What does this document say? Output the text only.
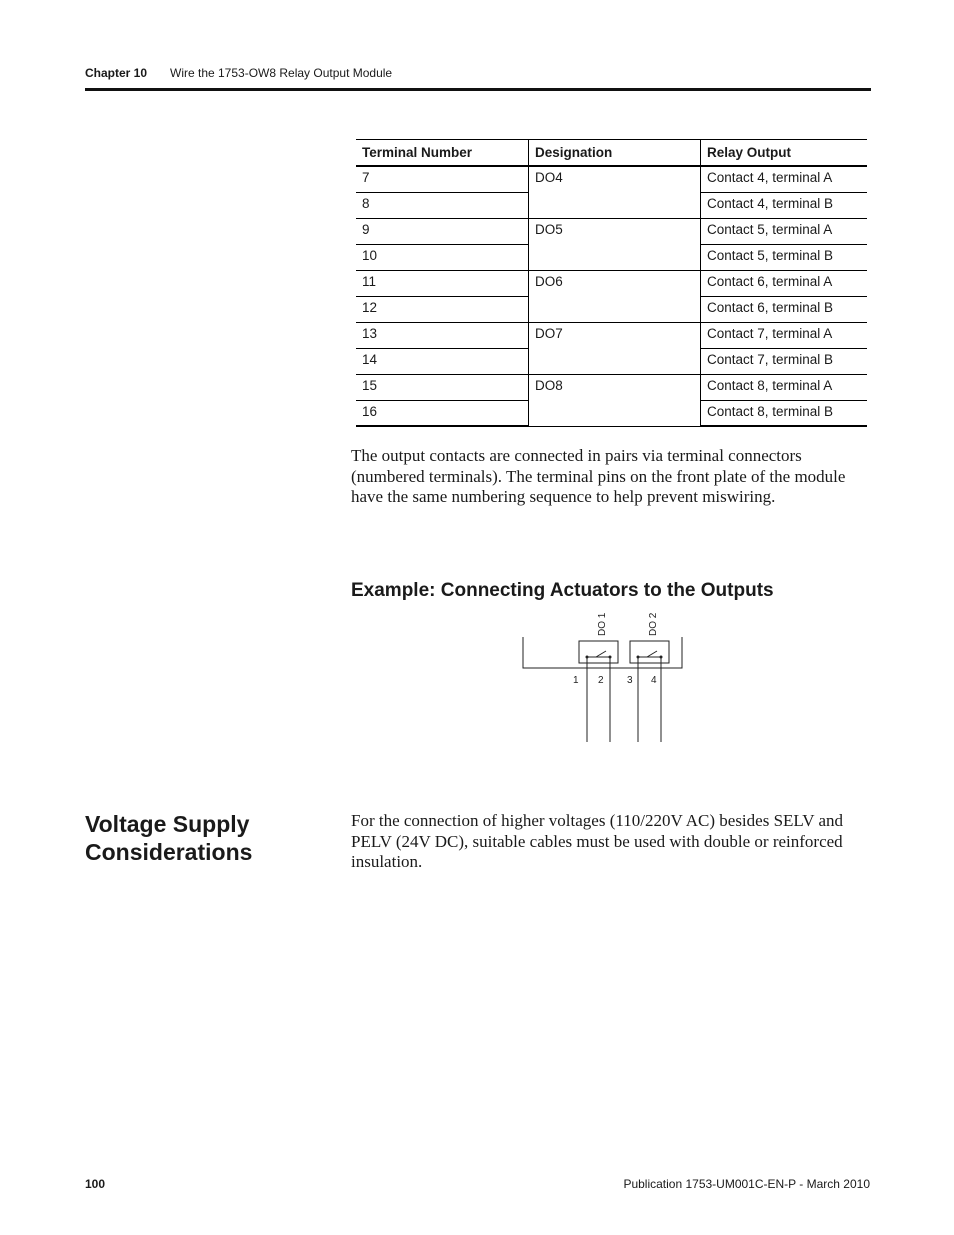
Chapter 10 Wire the 1753-OW8 Relay Output Module
Terminal Number	Designation	Relay Output
7	DO4	Contact 4, terminal A
8		Contact 4, terminal B
9	DO5	Contact 5, terminal A
10		Contact 5, terminal B
11	DO6	Contact 6, terminal A
12		Contact 6, terminal B
13	DO7	Contact 7, terminal A
14		Contact 7, terminal B
15	DO8	Contact 8, terminal A
16		Contact 8, terminal B

The output contacts are connected in pairs via terminal connectors (numbered terminals). The terminal pins on the front plate of the module have the same numbering sequence to help prevent miswiring.

Example: Connecting Actuators to the Outputs
DO 1	DO 2
1 2 3 4
Voltage Supply
Considerations

For the connection of higher voltages (110/220V AC) besides SELV and PELV (24V DC), suitable cables must be used with double or reinforced insulation.

100	Publication 1753-UM001C-EN-P - March 2010
